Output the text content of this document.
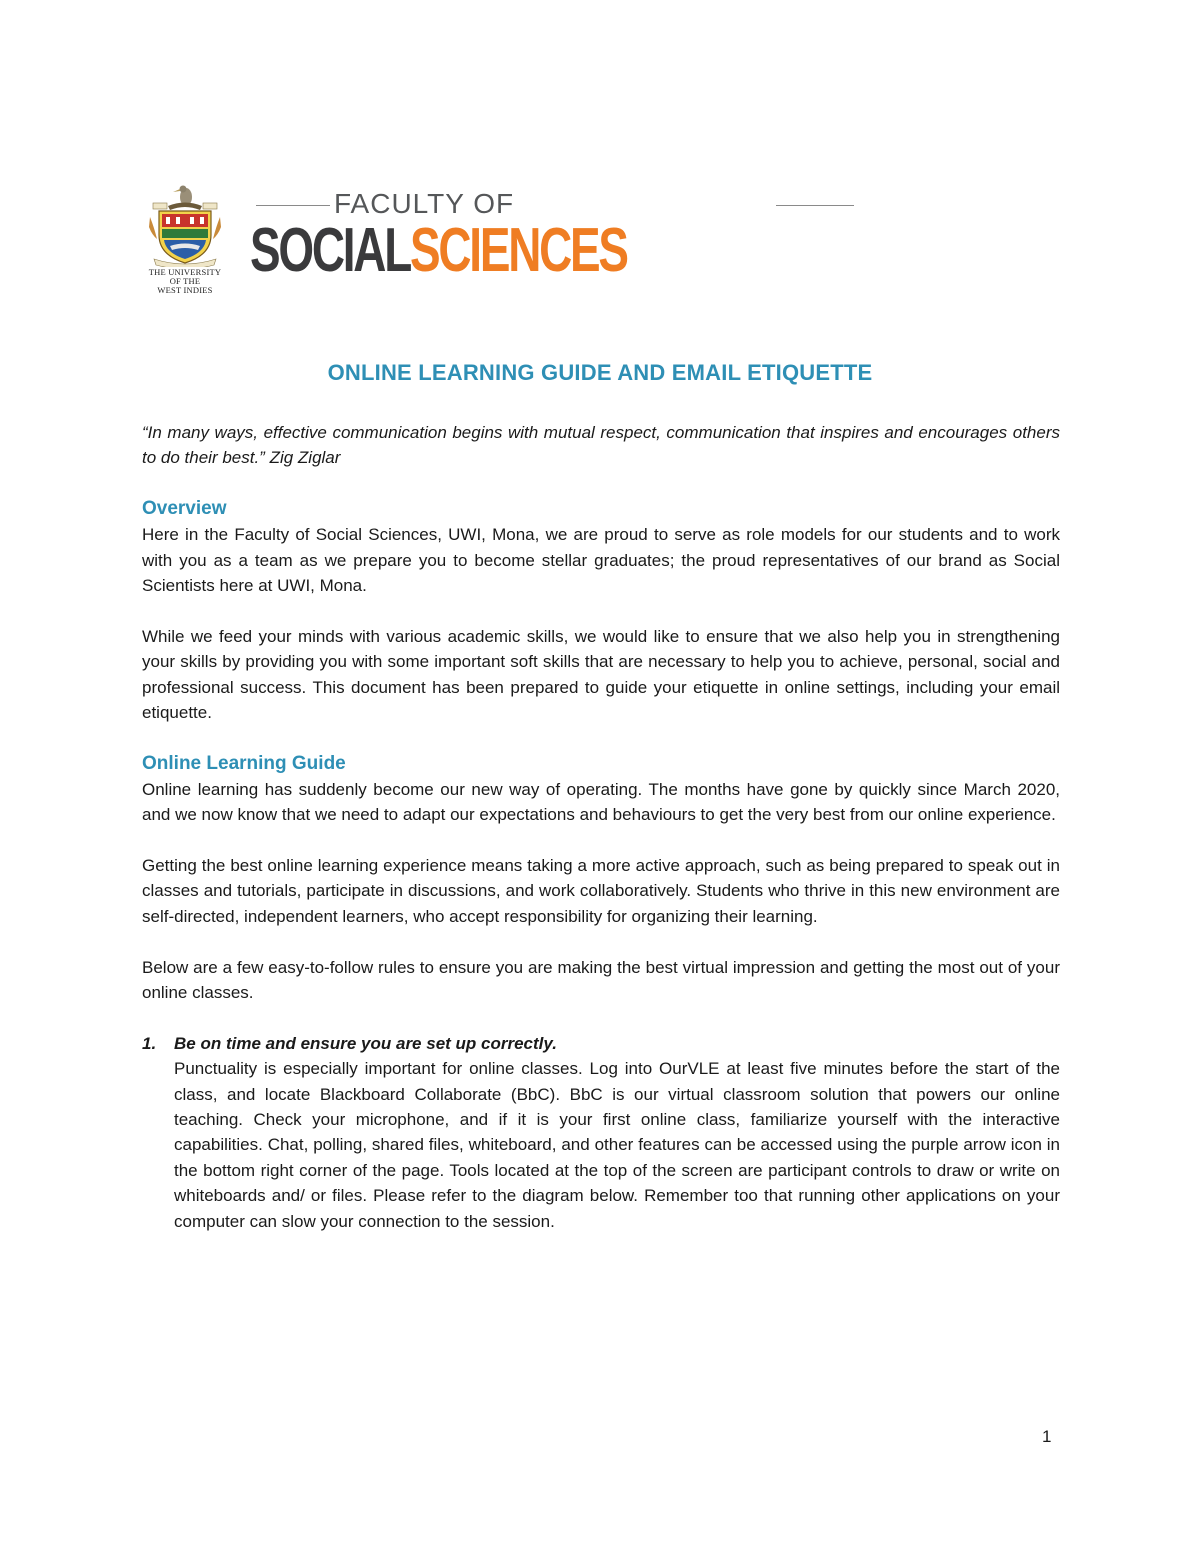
THE UNIVERSITY
OF THE
WEST INDIES
FACULTY OF
SOCIALSCIENCES
ONLINE LEARNING GUIDE AND EMAIL ETIQUETTE

“In many ways, effective communication begins with mutual respect, communication that inspires and encourages others to do their best.” Zig Ziglar

Overview

Here in the Faculty of Social Sciences, UWI, Mona, we are proud to serve as role models for our students and to work with you as a team as we prepare you to become stellar graduates; the proud representatives of our brand as Social Scientists here at UWI, Mona.

While we feed your minds with various academic skills, we would like to ensure that we also help you in strengthening your skills by providing you with some important soft skills that are necessary to help you to achieve, personal, social and professional success. This document has been prepared to guide your etiquette in online settings, including your email etiquette.

Online Learning Guide

Online learning has suddenly become our new way of operating. The months have gone by quickly since March 2020, and we now know that we need to adapt our expectations and behaviours to get the very best from our online experience.

Getting the best online learning experience means taking a more active approach, such as being prepared to speak out in classes and tutorials, participate in discussions, and work collaboratively. Students who thrive in this new environment are self-directed, independent learners, who accept responsibility for organizing their learning.

Below are a few easy-to-follow rules to ensure you are making the best virtual impression and getting the most out of your online classes.

1. Be on time and ensure you are set up correctly.

Punctuality is especially important for online classes. Log into OurVLE at least five minutes before the start of the class, and locate Blackboard Collaborate (BbC). BbC is our virtual classroom solution that powers our online teaching. Check your microphone, and if it is your first online class, familiarize yourself with the interactive capabilities. Chat, polling, shared files, whiteboard, and other features can be accessed using the purple arrow icon in the bottom right corner of the page. Tools located at the top of the screen are participant controls to draw or write on whiteboards and/ or files. Please refer to the diagram below. Remember too that running other applications on your computer can slow your connection to the session.

1
